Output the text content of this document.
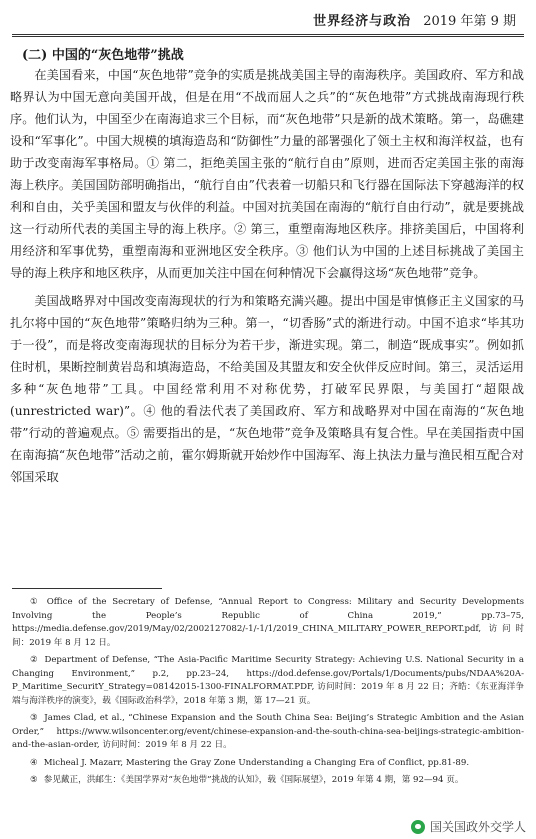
世界经济与政治 2019 年第 9 期
(二) 中国的“灰色地带”挑战

在美国看来，中国“灰色地带”竞争的实质是挑战美国主导的南海秩序。美国政府、军方和战略界认为中国无意向美国开战，但是在用“不战而屈人之兵”的“灰色地带”方式挑战南海现行秩序。他们认为，中国至少在南海追求三个目标，而“灰色地带”只是新的战术策略。第一，岛礁建设和“军事化”。中国大规模的填海造岛和“防御性”力量的部署强化了领土主权和海洋权益，也有助于改变南海军事格局。① 第二，拒绝美国主张的“航行自由”原则，进而否定美国主张的南海海上秩序。美国国防部明确指出，“航行自由”代表着一切船只和飞行器在国际法下穿越海洋的权利和自由，关乎美国和盟友与伙伴的利益。中国对抗美国在南海的“航行自由行动”，就是要挑战这一行动所代表的美国主导的海上秩序。② 第三，重塑南海地区秩序。排挤美国后，中国将利用经济和军事优势，重塑南海和亚洲地区安全秩序。③ 他们认为中国的上述目标挑战了美国主导的海上秩序和地区秩序，从而更加关注中国在何种情况下会赢得这场“灰色地带”竞争。

美国战略界对中国改变南海现状的行为和策略充满兴趣。提出中国是审慎修正主义国家的马扎尔将中国的“灰色地带”策略归纳为三种。第一，“切香肠”式的渐进行动。中国不追求“毕其功于一役”，而是将改变南海现状的目标分为若干步，渐进实现。第二，制造“既成事实”。例如抓住时机，果断控制黄岩岛和填海造岛，不给美国及其盟友和安全伙伴反应时间。第三，灵活运用多种“灰色地带”工具。中国经常利用不对称优势，打破军民界限，与美国打“超限战(unrestricted war)”。④ 他的看法代表了美国政府、军方和战略界对中国在南海的“灰色地带”行动的普遍观点。⑤ 需要指出的是，“灰色地带”竞争及策略具有复合性。早在美国指责中国在南海搞“灰色地带”活动之前，霍尔姆斯就开始炒作中国海军、海上执法力量与渔民相互配合对邻国采取

① Office of the Secretary of Defense, “Annual Report to Congress: Military and Security Developments Involving the People’s Republic of China 2019,” pp.73–75, https://media.defense.gov/2019/May/02/2002127082/-1/-1/1/2019_CHINA_MILITARY_POWER_REPORT.pdf, 访问时间：2019 年 8 月 12 日。

② Department of Defense, “The Asia-Pacific Maritime Security Strategy: Achieving U.S. National Security in a Changing Environment,” p.2, pp.23–24, https://dod.defense.gov/Portals/1/Documents/pubs/NDAA%20A-P_Maritime_SecuritY_Strategy=08142015-1300-FINALFORMAT.PDF, 访问时间：2019 年 8 月 22 日；齐皓：《东亚海洋争端与海洋秩序的演变》，载《国际政治科学》，2018 年第 3 期，第 17—21 页。

③ James Clad, et al., “Chinese Expansion and the South China Sea: Beijing’s Strategic Ambition and the Asian Order,” https://www.wilsoncenter.org/event/chinese-expansion-and-the-south-china-sea-beijings-strategic-ambition-and-the-asian-order, 访问时间：2019 年 8 月 22 日。

④ Micheal J. Mazarr, Mastering the Gray Zone Understanding a Changing Era of Conflict, pp.81-89.

⑤ 参见戴正，洪邮生：《美国学界对“灰色地带”挑战的认知》，载《国际展望》，2019 年第 4 期，第 92—94 页。

国关国政外交学人
